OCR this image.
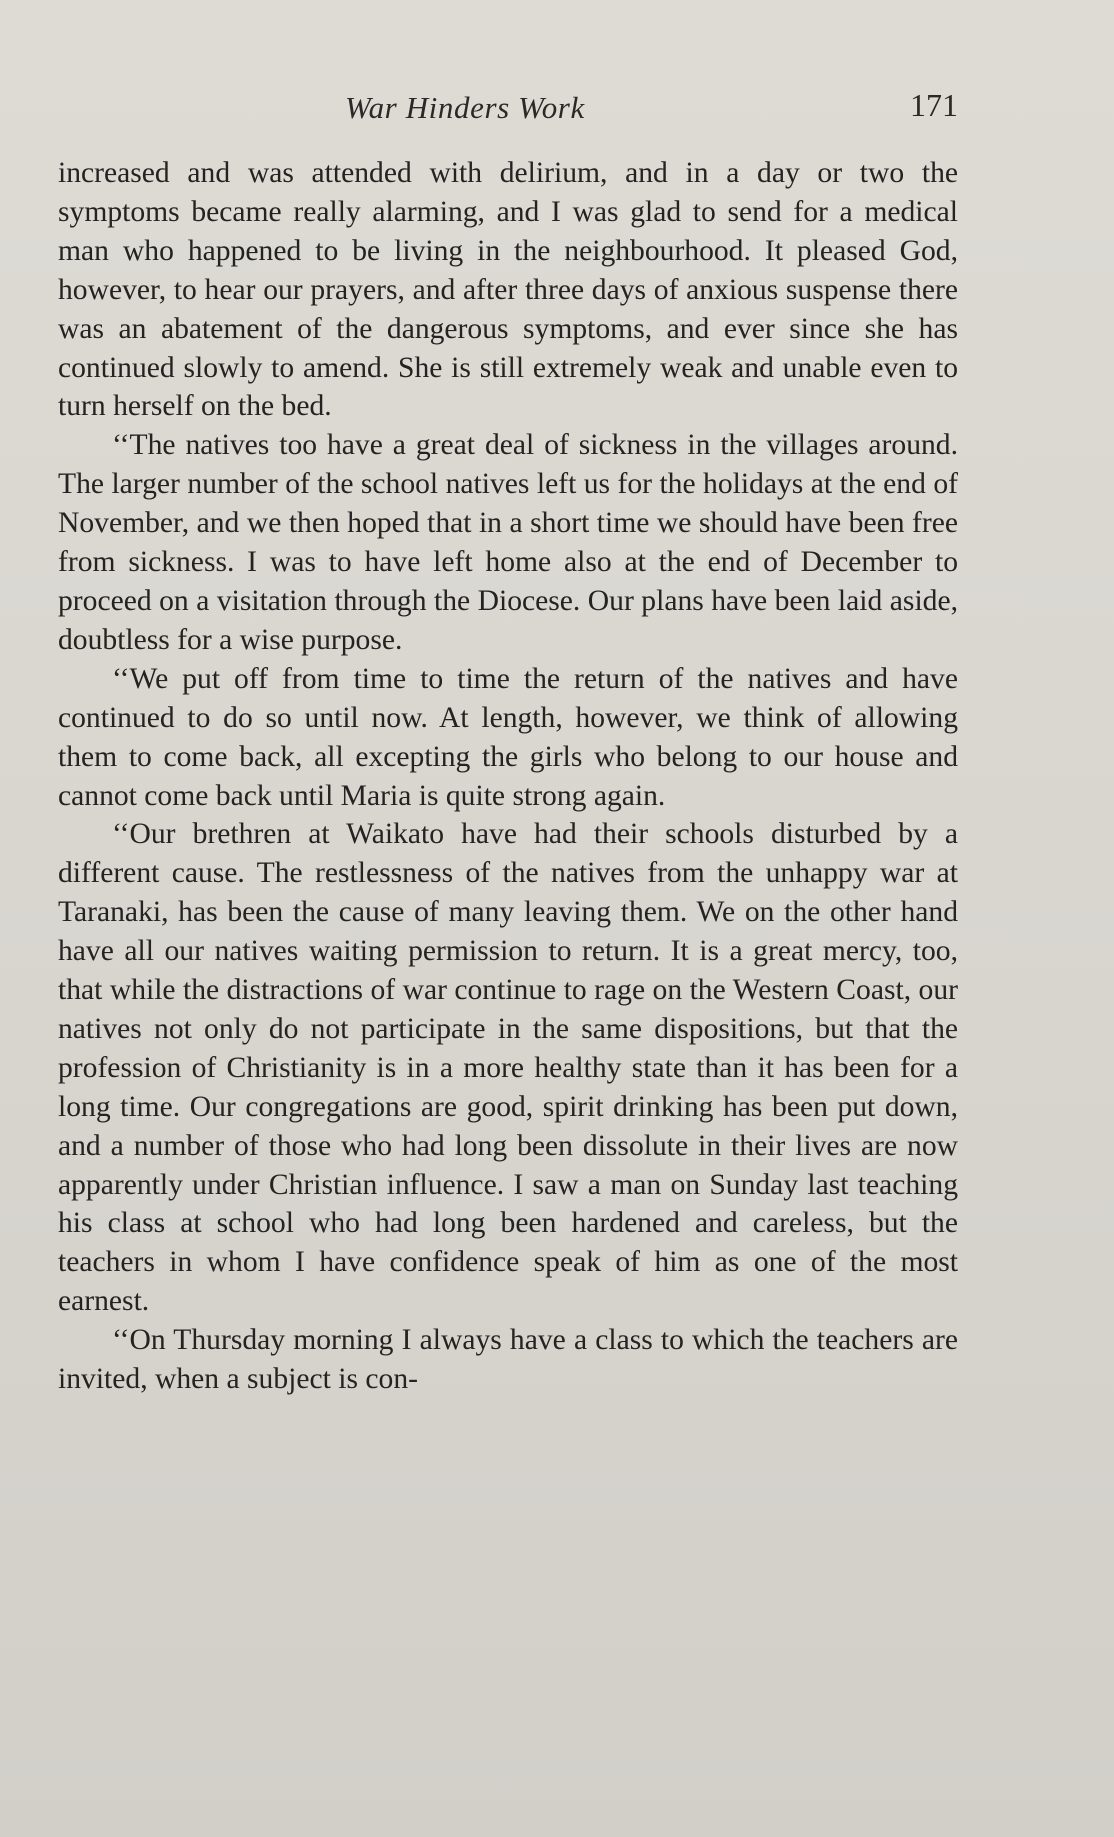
War Hinders Work	171

increased and was attended with delirium, and in a day or two the symptoms became really alarming, and I was glad to send for a medical man who happened to be living in the neighbourhood. It pleased God, however, to hear our prayers, and after three days of anxious suspense there was an abatement of the dangerous symptoms, and ever since she has continued slowly to amend. She is still extremely weak and unable even to turn herself on the bed.

‘‘The natives too have a great deal of sickness in the villages around. The larger number of the school natives left us for the holidays at the end of November, and we then hoped that in a short time we should have been free from sickness. I was to have left home also at the end of December to proceed on a visitation through the Diocese. Our plans have been laid aside, doubtless for a wise purpose.

‘‘We put off from time to time the return of the natives and have continued to do so until now. At length, however, we think of allowing them to come back, all excepting the girls who belong to our house and cannot come back until Maria is quite strong again.

‘‘Our brethren at Waikato have had their schools disturbed by a different cause. The restlessness of the natives from the unhappy war at Taranaki, has been the cause of many leaving them. We on the other hand have all our natives waiting permission to return. It is a great mercy, too, that while the distractions of war continue to rage on the Western Coast, our natives not only do not participate in the same dispositions, but that the profession of Christianity is in a more healthy state than it has been for a long time. Our congregations are good, spirit drinking has been put down, and a number of those who had long been dissolute in their lives are now apparently under Christian influence. I saw a man on Sunday last teaching his class at school who had long been hardened and careless, but the teachers in whom I have confidence speak of him as one of the most earnest.

‘‘On Thursday morning I always have a class to which the teachers are invited, when a subject is con-
